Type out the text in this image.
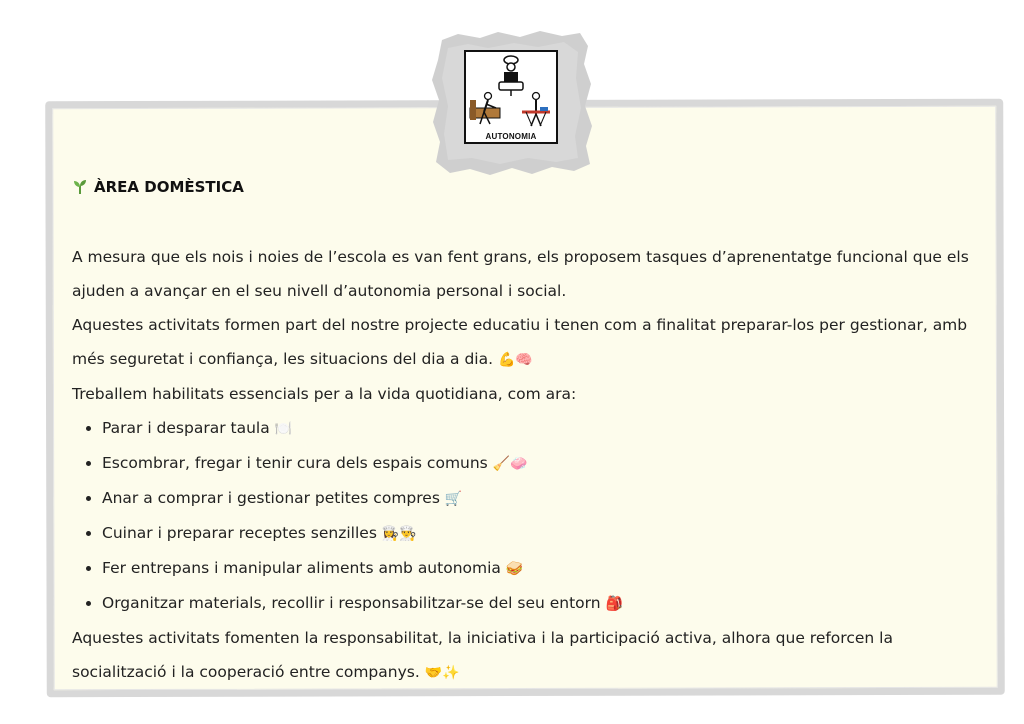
AUTONOMIA
ÀREA DOMÈSTICA

A mesura que els nois i noies de l’escola es van fent grans, els proposem tasques d’aprenentatge funcional que els ajuden a avançar en el seu nivell d’autonomia personal i social.

Aquestes activitats formen part del nostre projecte educatiu i tenen com a finalitat preparar-los per gestionar, amb més seguretat i confiança, les situacions del dia a dia. 💪🧠

Treballem habilitats essencials per a la vida quotidiana, com ara:

• Parar i desparar taula 🍽️
• Escombrar, fregar i tenir cura dels espais comuns 🧹🧼
• Anar a comprar i gestionar petites compres 🛒
• Cuinar i preparar receptes senzilles 👩‍🍳👨‍🍳
• Fer entrepans i manipular aliments amb autonomia 🥪
• Organitzar materials, recollir i responsabilitzar-se del seu entorn 🎒

Aquestes activitats fomenten la responsabilitat, la iniciativa i la participació activa, alhora que reforcen la socialització i la cooperació entre companys. 🤝✨
